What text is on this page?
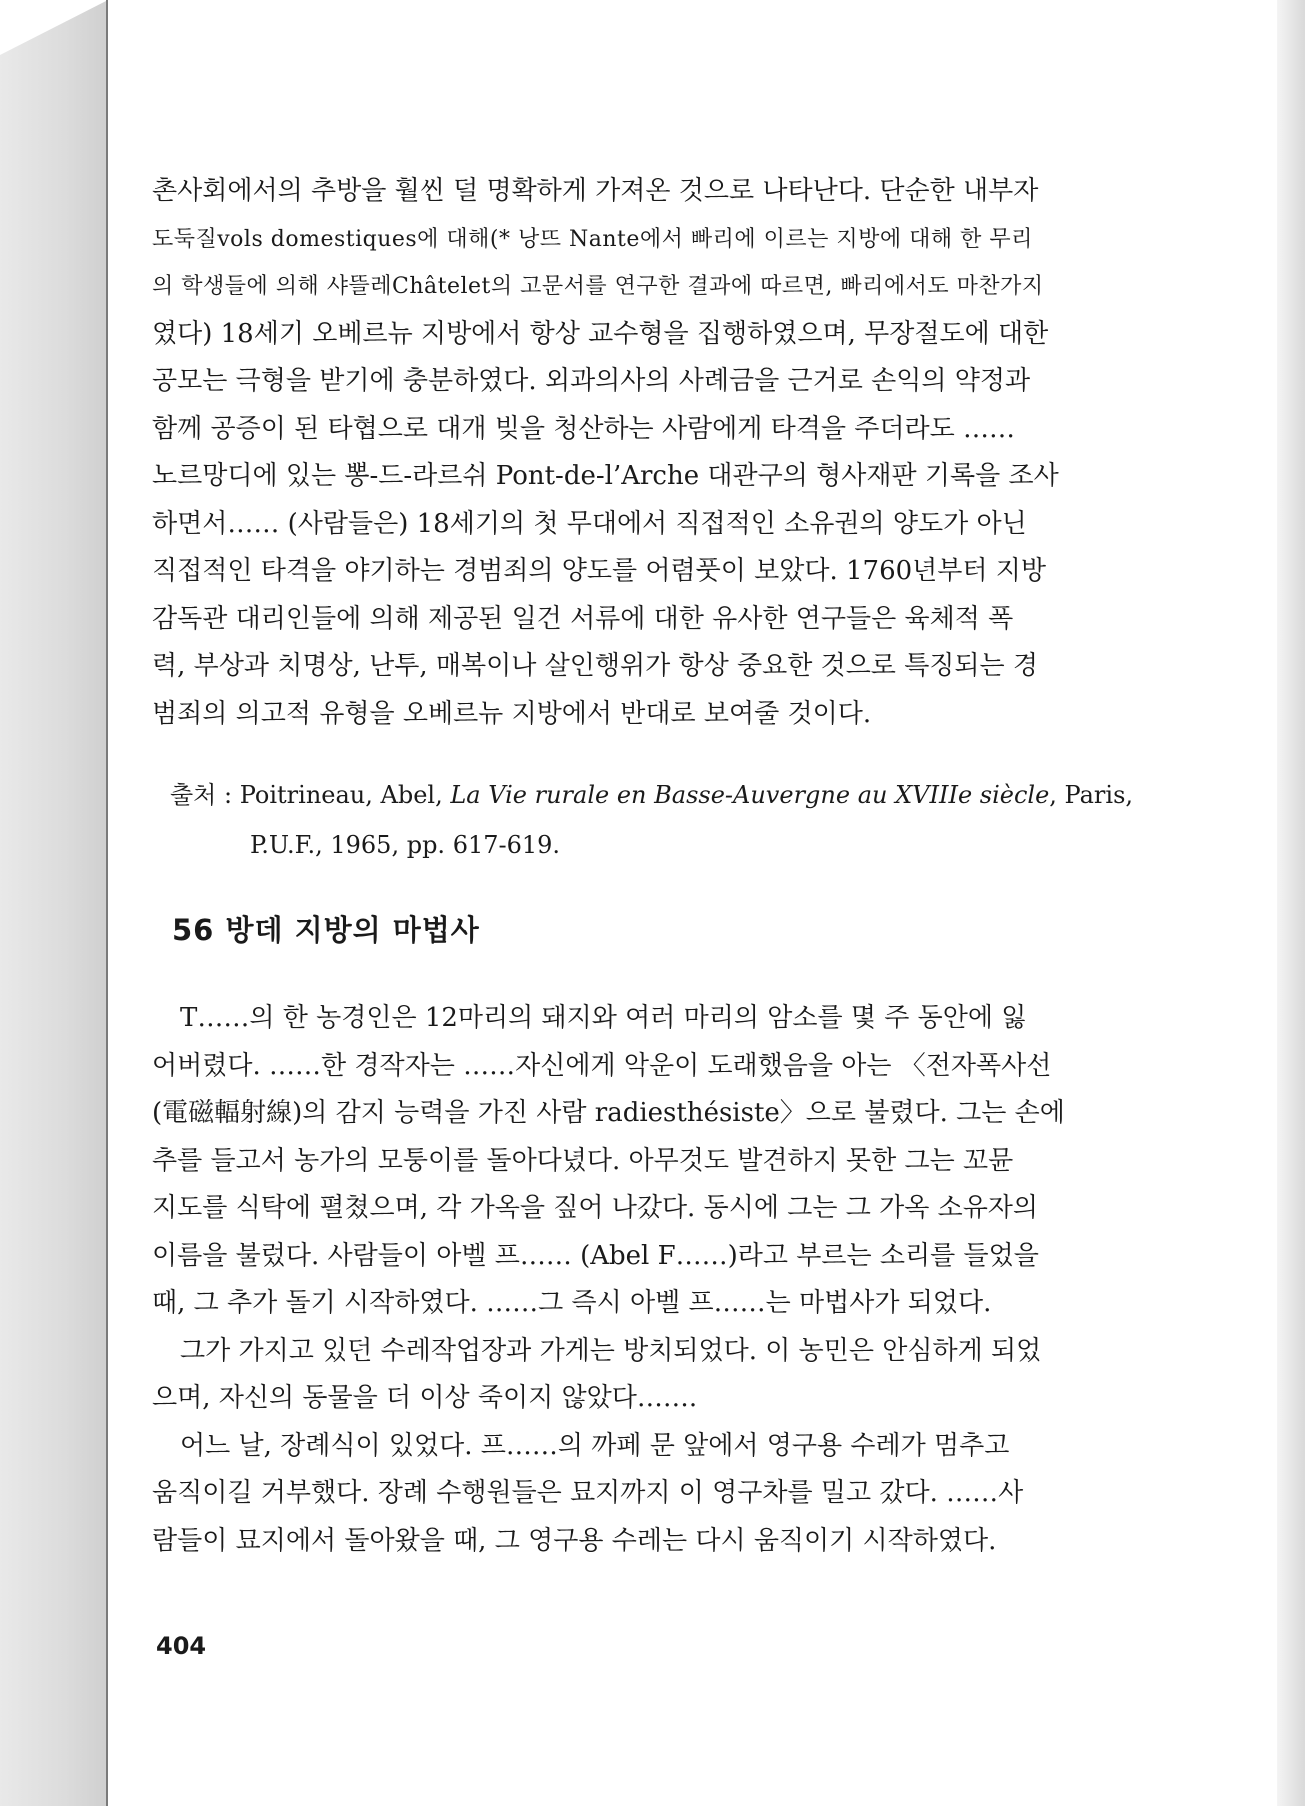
촌사회에서의 추방을 훨씬 덜 명확하게 가져온 것으로 나타난다. 단순한 내부자
도둑질vols domestiques에 대해(* 낭뜨 Nante에서 빠리에 이르는 지방에 대해 한 무리
의 학생들에 의해 샤뜰레Châtelet의 고문서를 연구한 결과에 따르면, 빠리에서도 마찬가지
였다) 18세기 오베르뉴 지방에서 항상 교수형을 집행하였으며, 무장절도에 대한
공모는 극형을 받기에 충분하였다. 외과의사의 사례금을 근거로 손익의 약정과
함께 공증이 된 타협으로 대개 빚을 청산하는 사람에게 타격을 주더라도 ……
노르망디에 있는 뽕-드-라르쉬 Pont-de-l’Arche 대관구의 형사재판 기록을 조사
하면서…… (사람들은) 18세기의 첫 무대에서 직접적인 소유권의 양도가 아닌
직접적인 타격을 야기하는 경범죄의 양도를 어렴풋이 보았다. 1760년부터 지방
감독관 대리인들에 의해 제공된 일건 서류에 대한 유사한 연구들은 육체적 폭
력, 부상과 치명상, 난투, 매복이나 살인행위가 항상 중요한 것으로 특징되는 경
범죄의 의고적 유형을 오베르뉴 지방에서 반대로 보여줄 것이다.
출처 : Poitrineau, Abel, La Vie rurale en Basse-Auvergne au XVIIIe siècle, Paris,
P.U.F., 1965, pp. 617-619.
56 방데 지방의 마법사
T……의 한 농경인은 12마리의 돼지와 여러 마리의 암소를 몇 주 동안에 잃
어버렸다. ……한 경작자는 ……자신에게 악운이 도래했음을 아는 〈전자폭사선
(電磁輻射線)의 감지 능력을 가진 사람 radiesthésiste〉으로 불렸다. 그는 손에
추를 들고서 농가의 모퉁이를 돌아다녔다. 아무것도 발견하지 못한 그는 꼬뮨
지도를 식탁에 펼쳤으며, 각 가옥을 짚어 나갔다. 동시에 그는 그 가옥 소유자의
이름을 불렀다. 사람들이 아벨 프…… (Abel F……)라고 부르는 소리를 들었을
때, 그 추가 돌기 시작하였다. ……그 즉시 아벨 프……는 마법사가 되었다.
그가 가지고 있던 수레작업장과 가게는 방치되었다. 이 농민은 안심하게 되었
으며, 자신의 동물을 더 이상 죽이지 않았다…….
어느 날, 장례식이 있었다. 프……의 까페 문 앞에서 영구용 수레가 멈추고
움직이길 거부했다. 장례 수행원들은 묘지까지 이 영구차를 밀고 갔다. ……사
람들이 묘지에서 돌아왔을 때, 그 영구용 수레는 다시 움직이기 시작하였다.
404
